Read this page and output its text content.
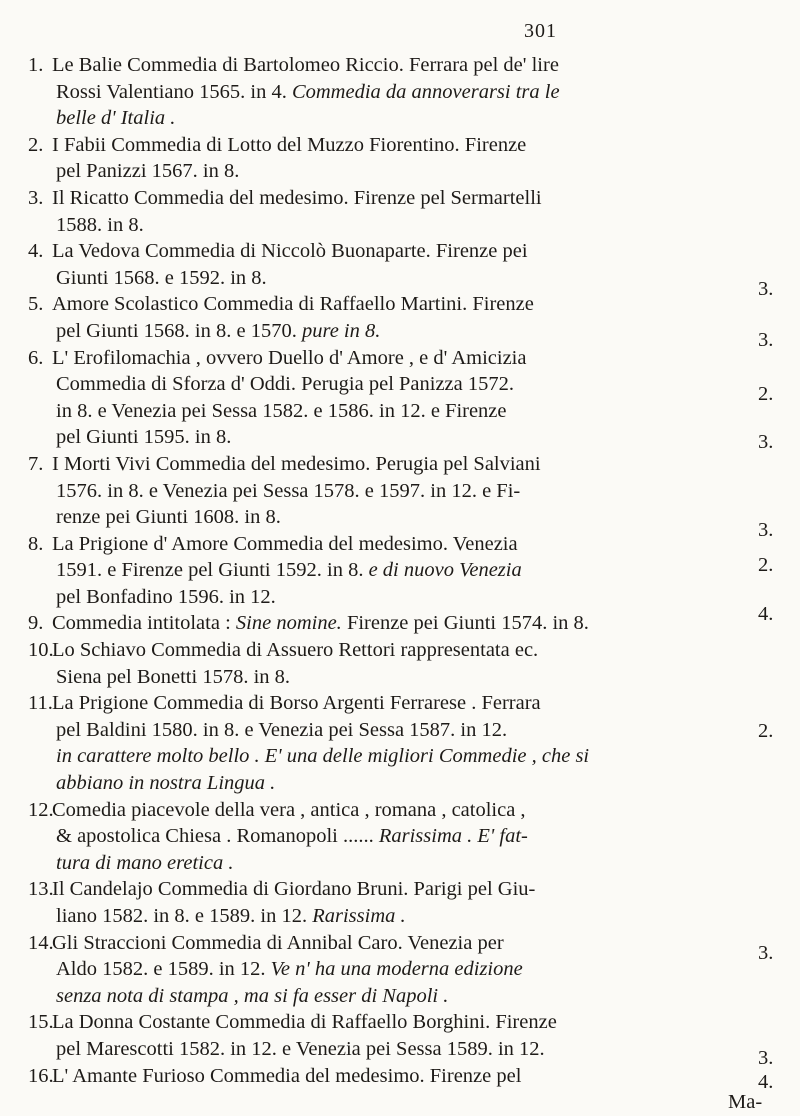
301
1. Le Balie Commedia di Bartolomeo Riccio. Ferrara pel de' lire
Rossi Valentiano 1565. in 4. Commedia da annoverarsi tra le
belle d' Italia .
2. I Fabii Commedia di Lotto del Muzzo Fiorentino. Firenze
pel Panizzi 1567. in 8.
3. Il Ricatto Commedia del medesimo. Firenze pel Sermartelli
1588. in 8.
4. La Vedova Commedia di Niccolò Buonaparte. Firenze pei
Giunti 1568. e 1592. in 8.
3.
5. Amore Scolastico Commedia di Raffaello Martini. Firenze
pel Giunti 1568. in 8. e 1570. pure in 8.	3.
6. L' Erofilomachia , ovvero Duello d' Amore , e d' Amicizia
Commedia di Sforza d' Oddi. Perugia pel Panizza 1572.
in 8. e Venezia pei Sessa 1582. e 1586. in 12. e Firenze
pel Giunti 1595. in 8.
2.
7. I Morti Vivi Commedia del medesimo. Perugia pel Salviani
1576. in 8. e Venezia pei Sessa 1578. e 1597. in 12. e Fi-
renze pei Giunti 1608. in 8.
3.
8. La Prigione d' Amore Commedia del medesimo. Venezia
1591. e Firenze pel Giunti 1592. in 8. e di nuovo Venezia
pel Bonfadino 1596. in 12.
3.
9. Commedia intitolata : Sine nomine. Firenze pei Giunti 1574. in 8.
2.
10.Lo Schiavo Commedia di Assuero Rettori rappresentata ec.
Siena pel Bonetti 1578. in 8.
4.
11.La Prigione Commedia di Borso Argenti Ferrarese . Ferrara
pel Baldini 1580. in 8. e Venezia pei Sessa 1587. in 12.
in carattere molto bello . E' una delle migliori Commedie , che si
abbiano in nostra Lingua .
2.
12.Comedia piacevole della vera , antica , romana , catolica ,
& apostolica Chiesa . Romanopoli ...... Rarissima . E' fat-
tura di mano eretica .
13.Il Candelajo Commedia di Giordano Bruni. Parigi pel Giu-
liano 1582. in 8. e 1589. in 12. Rarissima .
14.Gli Straccioni Commedia di Annibal Caro. Venezia per
Aldo 1582. e 1589. in 12. Ve n' ha una moderna edizione
senza nota di stampa , ma si fa esser di Napoli .
3.
15.La Donna Costante Commedia di Raffaello Borghini. Firenze
pel Marescotti 1582. in 12. e Venezia pei Sessa 1589. in 12.	3.
16.L' Amante Furioso Commedia del medesimo. Firenze pel
Ma-
4.
